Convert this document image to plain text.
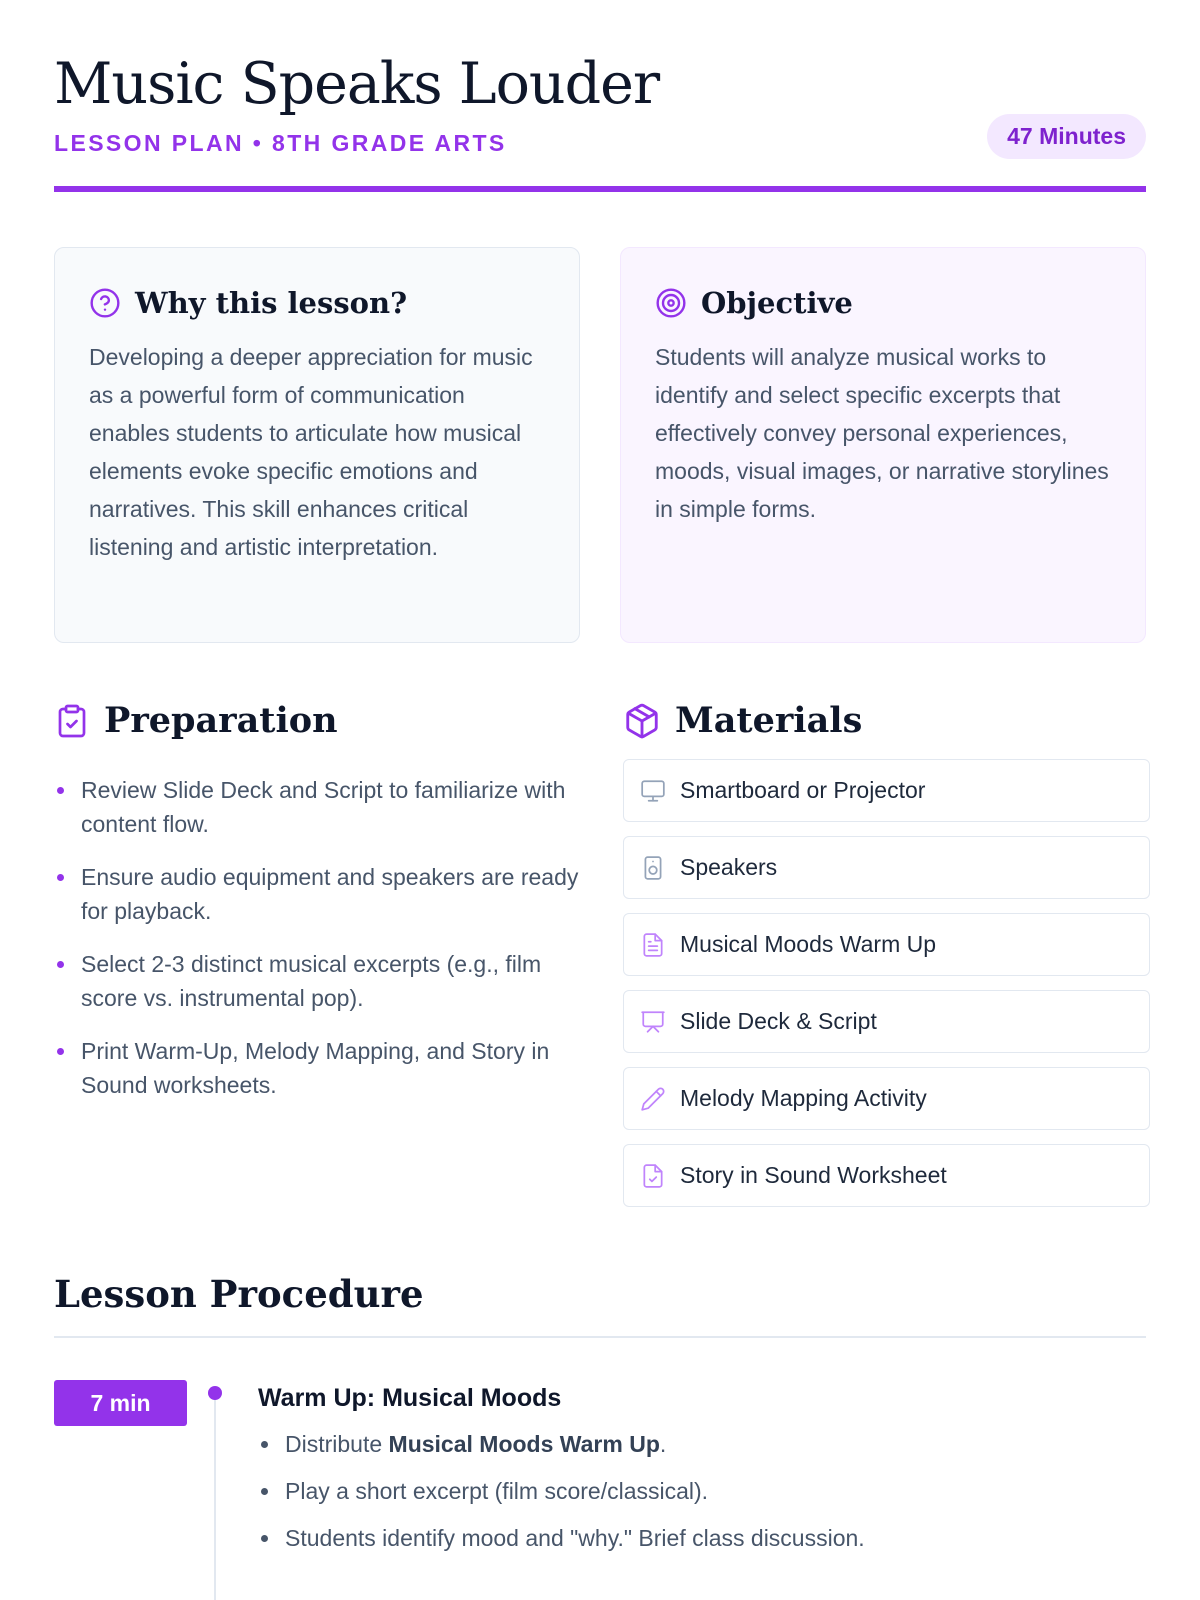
Music Speaks Louder
LESSON PLAN • 8TH GRADE ARTS	47 Minutes
Why this lesson?

Developing a deeper appreciation for music as a powerful form of communication enables students to articulate how musical elements evoke specific emotions and narratives. This skill enhances critical listening and artistic interpretation.

Objective

Students will analyze musical works to identify and select specific excerpts that effectively convey personal experiences, moods, visual images, or narrative storylines in simple forms.

Preparation
Review Slide Deck and Script to familiarize with content flow.
Ensure audio equipment and speakers are ready for playback.
Select 2-3 distinct musical excerpts (e.g., film score vs. instrumental pop).
Print Warm-Up, Melody Mapping, and Story in Sound worksheets.
Materials
Smartboard or Projector
Speakers
Musical Moods Warm Up
Slide Deck & Script
Melody Mapping Activity
Story in Sound Worksheet
Lesson Procedure
7 min	Warm Up: Musical Moods
Distribute Musical Moods Warm Up.
Play a short excerpt (film score/classical).
Students identify mood and "why." Brief class discussion.
